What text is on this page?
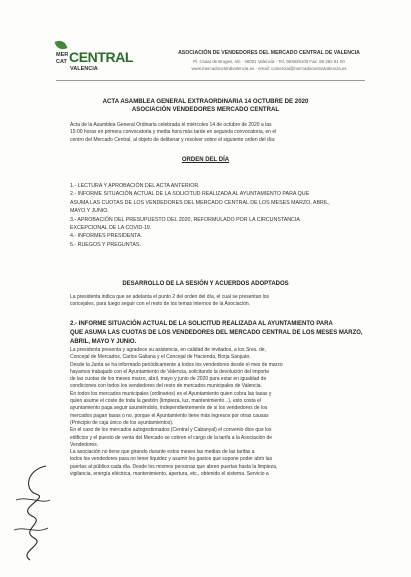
MER
CAT CENTRAL
VALENCIA
ASOCIACIÓN DE VENDEDORES DEL MERCADO CENTRAL DE VALENCIA
Pl. Ciutat de Bruges, s/n · 46001 Valencia · Tel. 963829100 Fax. 96 382 91 00
www.mercadocentralvalencia.es · email: comercial@mercadocentralvalencia.es
ACTA ASAMBLEA GENERAL EXTRAORDINARIA 14 OCTUBRE DE 2020
ASOCIACIÓN VENDEDORES MERCADO CENTRAL
Acta de la Asamblea General Ordinaria celebrada el miércoles 14 de octubre de 2020 a las
15:00 horas en primera convocatoria y media hora más tarde en segunda convocatoria, en el
centro del Mercado Central, al objeto de deliberar y resolver sobre el siguiente orden del día:
ORDEN DEL DÍA
1.- LECTURA Y APROBACIÓN DEL ACTA ANTERIOR.
2.- INFORME SITUACIÓN ACTUAL DE LA SOLICITUD REALIZADA AL AYUNTAMIENTO PARA QUE
ASUMA LAS CUOTAS DE LOS VENDEDORES DEL MERCADO CENTRAL DE LOS MESES MARZO, ABRIL,
MAYO Y JUNIO.
3.- APROBACIÓN DEL PRESUPUESTO DEL 2020, REFORMULADO POR LA CIRCUNSTANCIA
EXCEPCIONAL DE LA COVID-19.
4.- INFORMES PRESIDENTA.
5.- RUEGOS Y PREGUNTAS.
DESARROLLO DE LA SESIÓN Y ACUERDOS ADOPTADOS
La presidenta indica que se adelanta el punto 2 del orden del día, el cual se presentan los
concejales, para luego seguir con el resto de los temas internos de la Asociación.
2.- INFORME SITUACIÓN ACTUAL DE LA SOLICITUD REALIZADA AL AYUNTAMIENTO PARA
QUE ASUMA LAS CUOTAS DE LOS VENDEDORES DEL MERCADO CENTRAL DE LOS MESES MARZO,
ABRIL, MAYO Y JUNIO.
La presidenta presenta y agradece su asistencia, en calidad de invitados, a los Sres. de,
Concejal de Mercados, Carlos Galiana y el Concejal de Hacienda, Borja Sanjuán.
Desde la Junta se ha informado periódicamente a todos los vendedores desde el mes de marzo
hayamos trabajado con el Ayuntamiento de Valencia, solicitando la devolución del importe
de las cuotas de los meses marzo, abril, mayo y junio de 2020 para estar en igualdad de
condiciones con todos los vendedores del resto de mercados municipales de Valencia.
En todos los mercados municipales (ordinarios) es el Ayuntamiento quien cobra las tasas y
quien asume el coste de toda la gestión (limpieza, luz, mantenimiento...), esto costa el
ayuntamiento paga seguir asumiéndolo, independientemente de si los vendedores de los
mercados pagan tasas o no, porque el Ayuntamiento tiene más ingresos por otras causas
(Principio de caja único de los ayuntamientos).
En el caso de los mercados autogestionados (Central y Cabanyal) el convenio dice que los
edificios y el puesto de venta del Mercado se cobren el cargo de la tarifa a la Asociación de
Vendedores.
La asociación no tiene que girando durante estos meses las medias de las tarifas a
todos los vendedores para no tener liquidez y asumir los gastos que supone poder abrir las
puertas al público cada día. Desde los mismos personas que abren puertas hasta la limpieza,
vigilancia, energía eléctrica, mantenimiento, apertura, etc., obtenido el sistema. Servicio a
